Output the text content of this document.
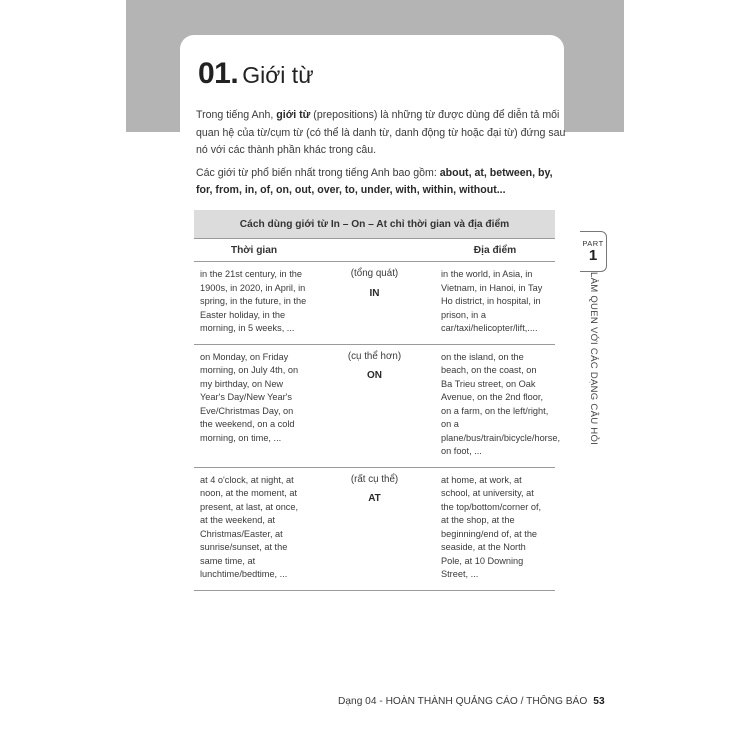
01. Giới từ

Trong tiếng Anh, giới từ (prepositions) là những từ được dùng để diễn tả mối quan hệ của từ/cụm từ (có thể là danh từ, danh động từ hoặc đại từ) đứng sau nó với các thành phần khác trong câu.

Các giới từ phổ biến nhất trong tiếng Anh bao gồm: about, at, between, by, for, from, in, of, on, out, over, to, under, with, within, without...

Cách dùng giới từ In – On – At chỉ thời gian và địa điểm
Thời gian	Địa điểm
in the 21st century, in the 1900s, in 2020, in April, in spring, in the future, in the Easter holiday, in the morning, in 5 weeks, ...
(tổng quát)
IN
in the world, in Asia, in Vietnam, in Hanoi, in Tay Ho district, in hospital, in prison, in a car/taxi/helicopter/lift,....
on Monday, on Friday morning, on July 4th, on my birthday, on New Year's Day/New Year's Eve/Christmas Day, on the weekend, on a cold morning, on time, ...
(cụ thể hơn)
ON
on the island, on the beach, on the coast, on Ba Trieu street, on Oak Avenue, on the 2nd floor, on a farm, on the left/right, on a plane/bus/train/bicycle/horse, on foot, ...
at 4 o'clock, at night, at noon, at the moment, at present, at last, at once, at the weekend, at Christmas/Easter, at sunrise/sunset, at the same time, at lunchtime/bedtime, ...
(rất cụ thể)
AT
at home, at work, at school, at university, at the top/bottom/corner of, at the shop, at the beginning/end of, at the seaside, at the North Pole, at 10 Downing Street, ...
PART
1
LÀM QUEN VỚI CÁC DẠNG CÂU HỎI
Dạng 04 - HOÀN THÀNH QUẢNG CÁO / THÔNG BÁO 53
